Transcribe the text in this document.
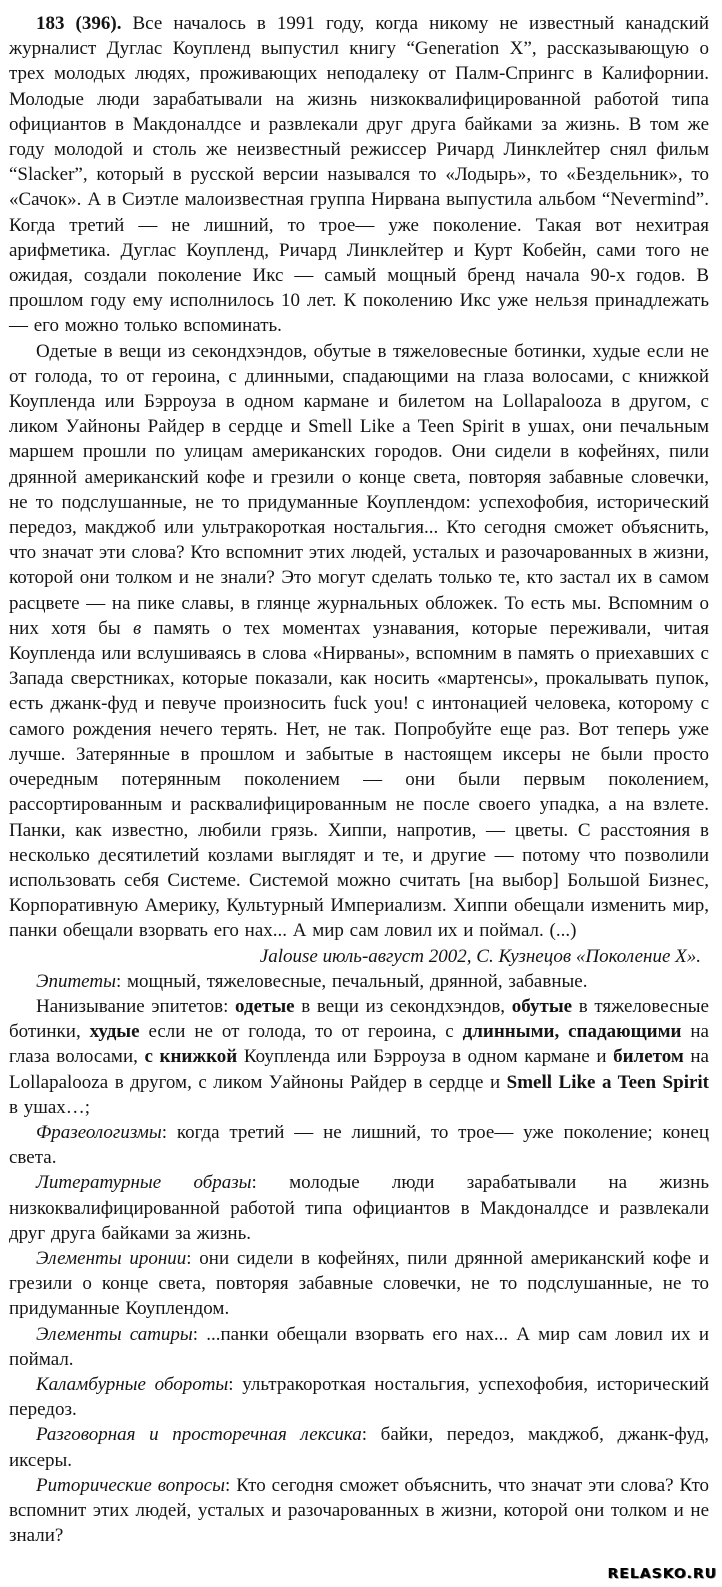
183 (396). Все началось в 1991 году, когда никому не известный канадский журналист Дуглас Коупленд выпустил книгу “Generation X”, рассказывающую о трех молодых людях, проживающих неподалеку от Палм-Спрингс в Калифорнии. Молодые люди зарабатывали на жизнь низкоквалифицированной работой типа официантов в Макдоналдсе и развлекали друг друга байками за жизнь. В том же году молодой и столь же неизвестный режиссер Ричард Линклейтер снял фильм “Slacker”, который в русской версии назывался то «Лодырь», то «Бездельник», то «Сачок». А в Сиэтле малоизвестная группа Нирвана выпустила альбом “Nevermind”. Когда третий — не лишний, то трое— уже поколение. Такая вот нехитрая арифметика. Дуглас Коупленд, Ричард Линклейтер и Курт Кобейн, сами того не ожидая, создали поколение Икс — самый мощный бренд начала 90-х годов. В прошлом году ему исполнилось 10 лет. К поколению Икс уже нельзя принадлежать — его можно только вспоминать.

Одетые в вещи из секондхэндов, обутые в тяжеловесные ботинки, худые если не от голода, то от героина, с длинными, спадающими на глаза волосами, с книжкой Коупленда или Бэрроуза в одном кармане и билетом на Lollapalooza в другом, с ликом Уайноны Райдер в сердце и Smell Like a Teen Spirit в ушах, они печальным маршем прошли по улицам американских городов. Они сидели в кофейнях, пили дрянной американский кофе и грезили о конце света, повторяя забавные словечки, не то подслушанные, не то придуманные Коуплендом: успехофобия, исторический передоз, макджоб или ультракороткая ностальгия... Кто сегодня сможет объяснить, что значат эти слова? Кто вспомнит этих людей, усталых и разочарованных в жизни, которой они толком и не знали? Это могут сделать только те, кто застал их в самом расцвете — на пике славы, в глянце журнальных обложек. То есть мы. Вспомним о них хотя бы в память о тех моментах узнавания, которые переживали, читая Коупленда или вслушиваясь в слова «Нирваны», вспомним в память о приехавших с Запада сверстниках, которые показали, как носить «мартенсы», прокалывать пупок, есть джанк-фуд и певуче произносить fuck you! с интонацией человека, которому с самого рождения нечего терять. Нет, не так. Попробуйте еще раз. Вот теперь уже лучше. Затерянные в прошлом и забытые в настоящем иксеры не были просто очередным потерянным поколением — они были первым поколением, рассортированным и расквалифицированным не после своего упадка, а на взлете. Панки, как известно, любили грязь. Хиппи, напротив, — цветы. С расстояния в несколько десятилетий козлами выглядят и те, и другие — потому что позволили использовать себя Системе. Системой можно считать [на выбор] Большой Бизнес, Корпоративную Америку, Культурный Империализм. Хиппи обещали изменить мир, панки обещали взорвать его нах... А мир сам ловил их и поймал. (...)

Jalouse июль-август 2002, С. Кузнецов «Поколение X».

Эпитеты: мощный, тяжеловесные, печальный, дрянной, забавные.

Нанизывание эпитетов: одетые в вещи из секондхэндов, обутые в тяжеловесные ботинки, худые если не от голода, то от героина, с длинными, спадающими на глаза волосами, с книжкой Коупленда или Бэрроуза в одном кармане и билетом на Lollapalooza в другом, с ликом Уайноны Райдер в сердце и Smell Like a Teen Spirit в ушах…;

Фразеологизмы: когда третий — не лишний, то трое— уже поколение; конец света.

Литературные образы: молодые люди зарабатывали на жизнь низкоквалифицированной работой типа официантов в Макдоналдсе и развлекали друг друга байками за жизнь.

Элементы иронии: они сидели в кофейнях, пили дрянной американский кофе и грезили о конце света, повторяя забавные словечки, не то подслушанные, не то придуманные Коуплендом.

Элементы сатиры: ...панки обещали взорвать его нах... А мир сам ловил их и поймал.

Каламбурные обороты: ультракороткая ностальгия, успехофобия, исторический передоз.

Разговорная и просторечная лексика: байки, передоз, макджоб, джанк-фуд, иксеры.

Риторические вопросы: Кто сегодня сможет объяснить, что значат эти слова? Кто вспомнит этих людей, усталых и разочарованных в жизни, которой они толком и не знали?

RELASKO.RU
